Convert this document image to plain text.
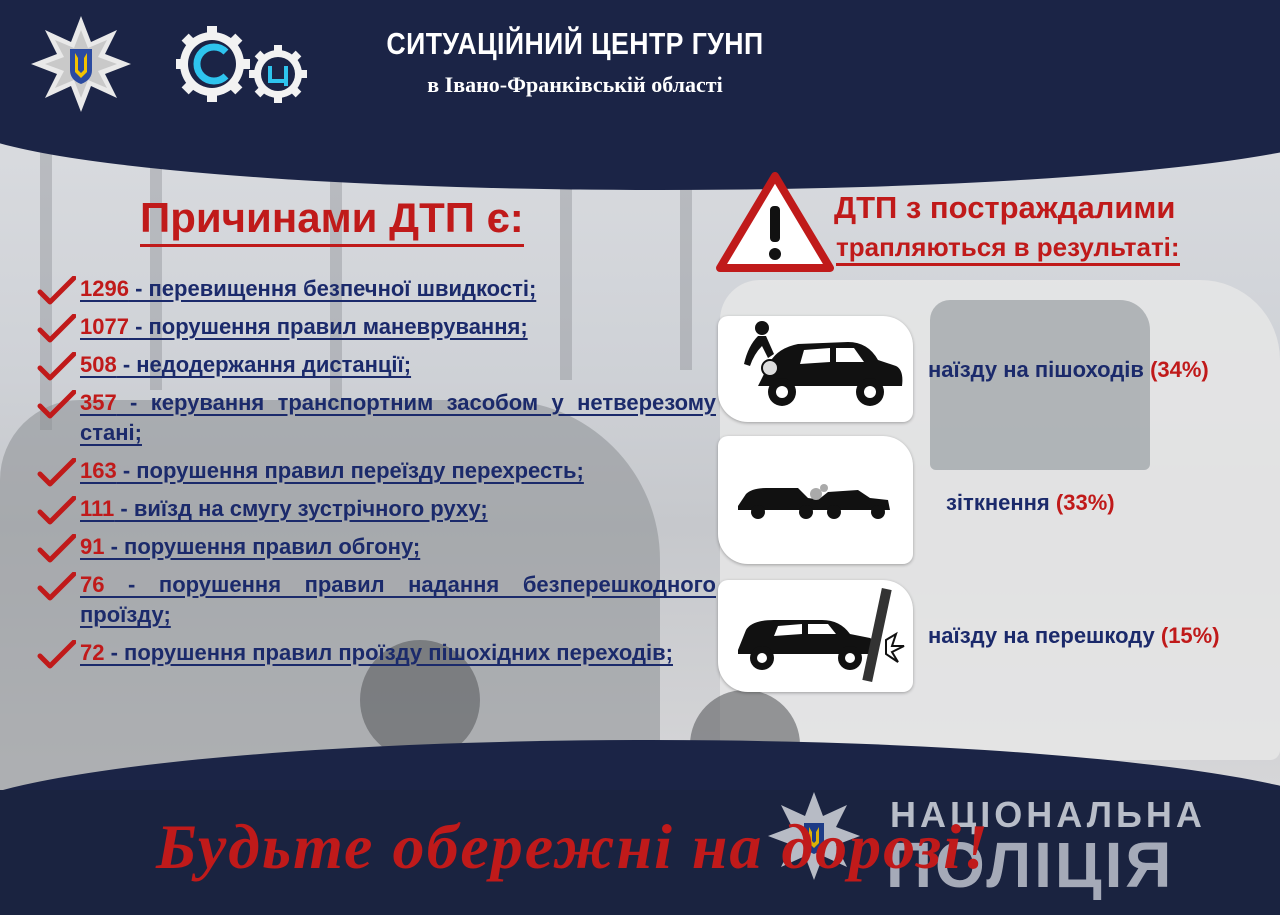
СИТУАЦІЙНИЙ ЦЕНТР ГУНП
в Івано-Франківській області
Причинами ДТП є:
1296 - перевищення безпечної швидкості;
1077 - порушення правил маневрування;
508 - недодержання дистанції;
357 - керування транспортним засобом у нетверезому стані;
163 - порушення правил переїзду перехресть;
111 - виїзд на смугу зустрічного руху;
91 - порушення правил обгону;
76 - порушення правил надання безперешкодного проїзду;
72 - порушення правил проїзду пішохідних переходів;
ДТП з постраждалими
трапляються в результаті:
наїзду на пішоходів (34%)
зіткнення (33%)
наїзду на перешкоду (15%)
НАЦІОНАЛЬНА
ПОЛІЦІЯ
Будьте обережні на дорозі!
